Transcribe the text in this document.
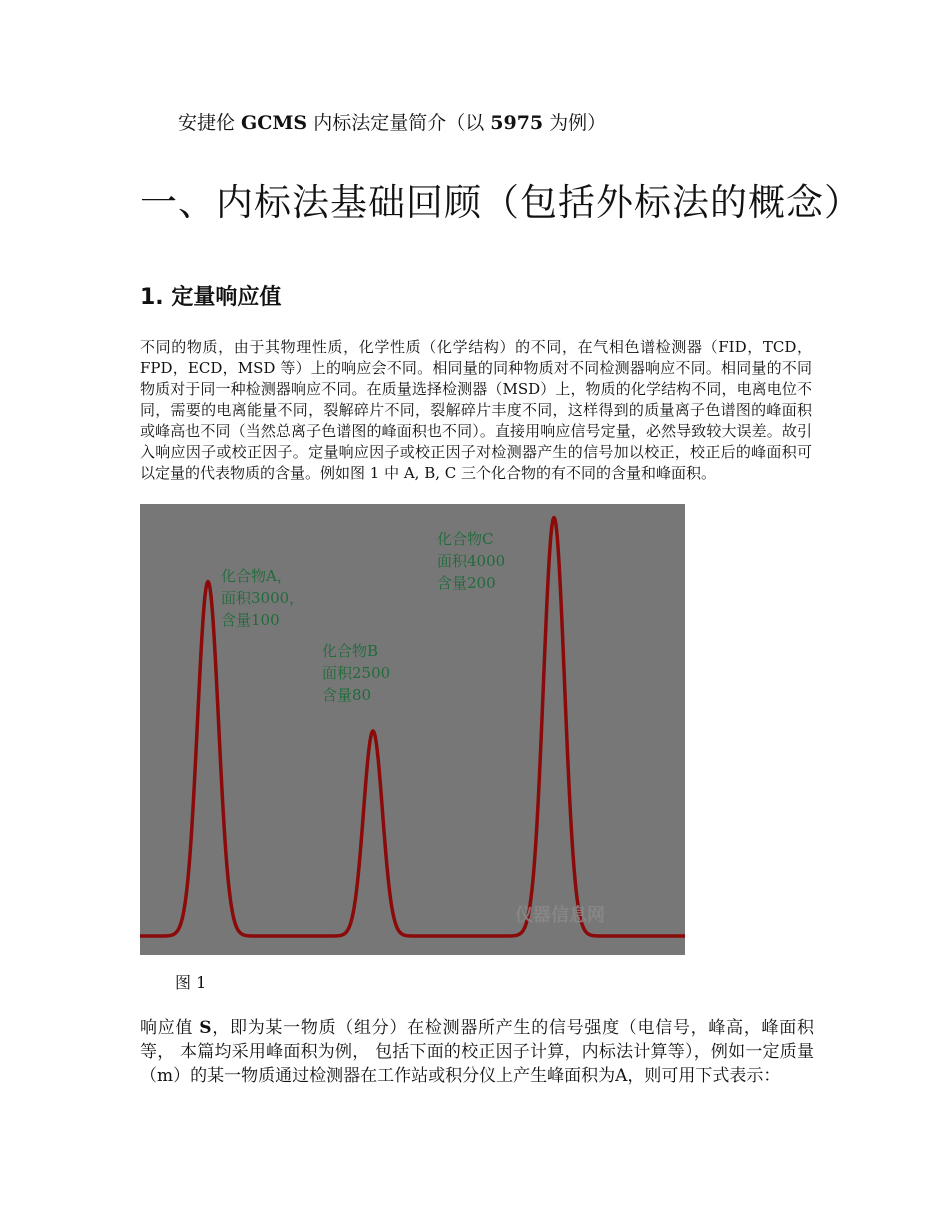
安捷伦 GCMS 内标法定量简介（以 5975 为例）
一、内标法基础回顾（包括外标法的概念）
1. 定量响应值

不同的物质，由于其物理性质，化学性质（化学结构）的不同，在气相色谱检测器（FID，TCD，FPD，ECD，MSD 等）上的响应会不同。相同量的同种物质对不同检测器响应不同。相同量的不同物质对于同一种检测器响应不同。在质量选择检测器（MSD）上，物质的化学结构不同，电离电位不同，需要的电离能量不同，裂解碎片不同，裂解碎片丰度不同，这样得到的质量离子色谱图的峰面积或峰高也不同（当然总离子色谱图的峰面积也不同）。直接用响应信号定量，必然导致较大误差。故引入响应因子或校正因子。定量响应因子或校正因子对检测器产生的信号加以校正，校正后的峰面积可以定量的代表物质的含量。例如图 1 中 A, B, C 三个化合物的有不同的含量和峰面积。

化合物A，
面积3000，
含量100
化合物B
面积2500
含量80
化合物C
面积4000
含量200
仪器信息网

图 1

响应值 S，即为某一物质（组分）在检测器所产生的信号强度（电信号，峰高，峰面积等， 本篇均采用峰面积为例， 包括下面的校正因子计算，内标法计算等），例如一定质量（m）的某一物质通过检测器在工作站或积分仪上产生峰面积为A，则可用下式表示：
